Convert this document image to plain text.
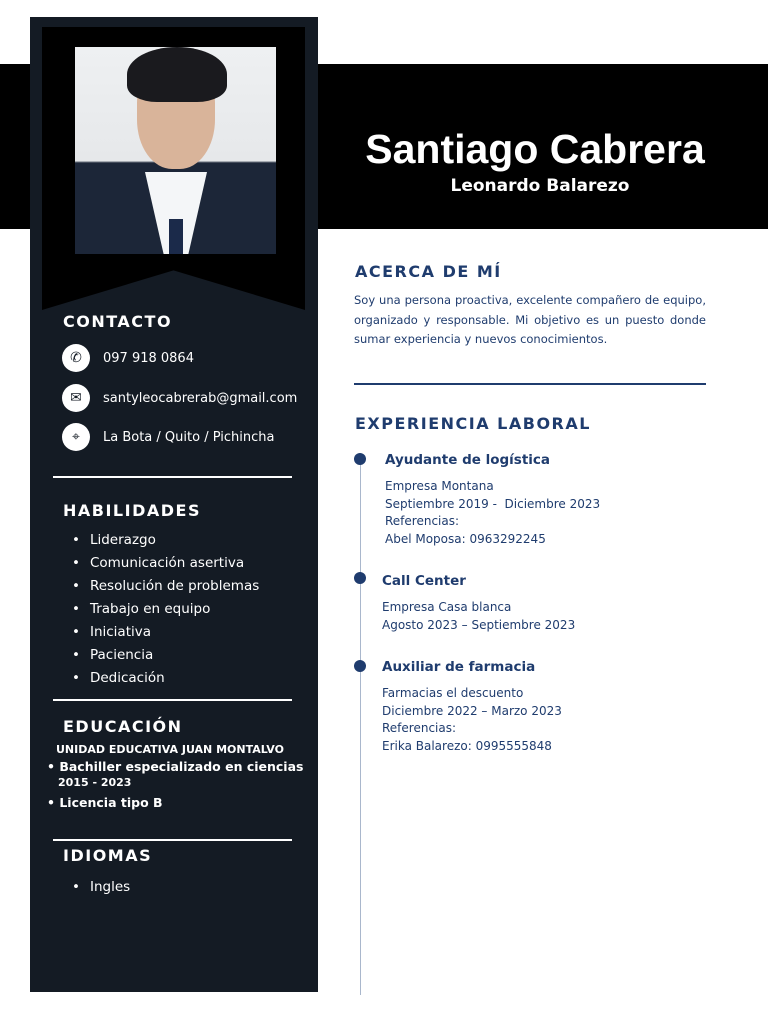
Santiago Cabrera
Leonardo Balarezo
CONTACTO
✆	097 918 0864
✉	santyleocabrerab@gmail.com
⌖	La Bota / Quito / Pichincha
HABILIDADES
• Liderazgo
• Comunicación asertiva
• Resolución de problemas
• Trabajo en equipo
• Iniciativa
• Paciencia
• Dedicación
EDUCACIÓN
UNIDAD EDUCATIVA JUAN MONTALVO
• Bachiller especializado en ciencias
2015 - 2023
• Licencia tipo B
IDIOMAS
• Ingles
ACERCA DE MÍ
Soy una persona proactiva, excelente compañero de equipo, organizado y responsable. Mi objetivo es un puesto donde sumar experiencia y nuevos conocimientos.
EXPERIENCIA LABORAL
Ayudante de logística
Empresa Montana
Septiembre 2019 -  Diciembre 2023
Referencias:
Abel Moposa: 0963292245
Call Center
Empresa Casa blanca
Agosto 2023 – Septiembre 2023
Auxiliar de farmacia
Farmacias el descuento
Diciembre 2022 – Marzo 2023
Referencias:
Erika Balarezo: 0995555848
